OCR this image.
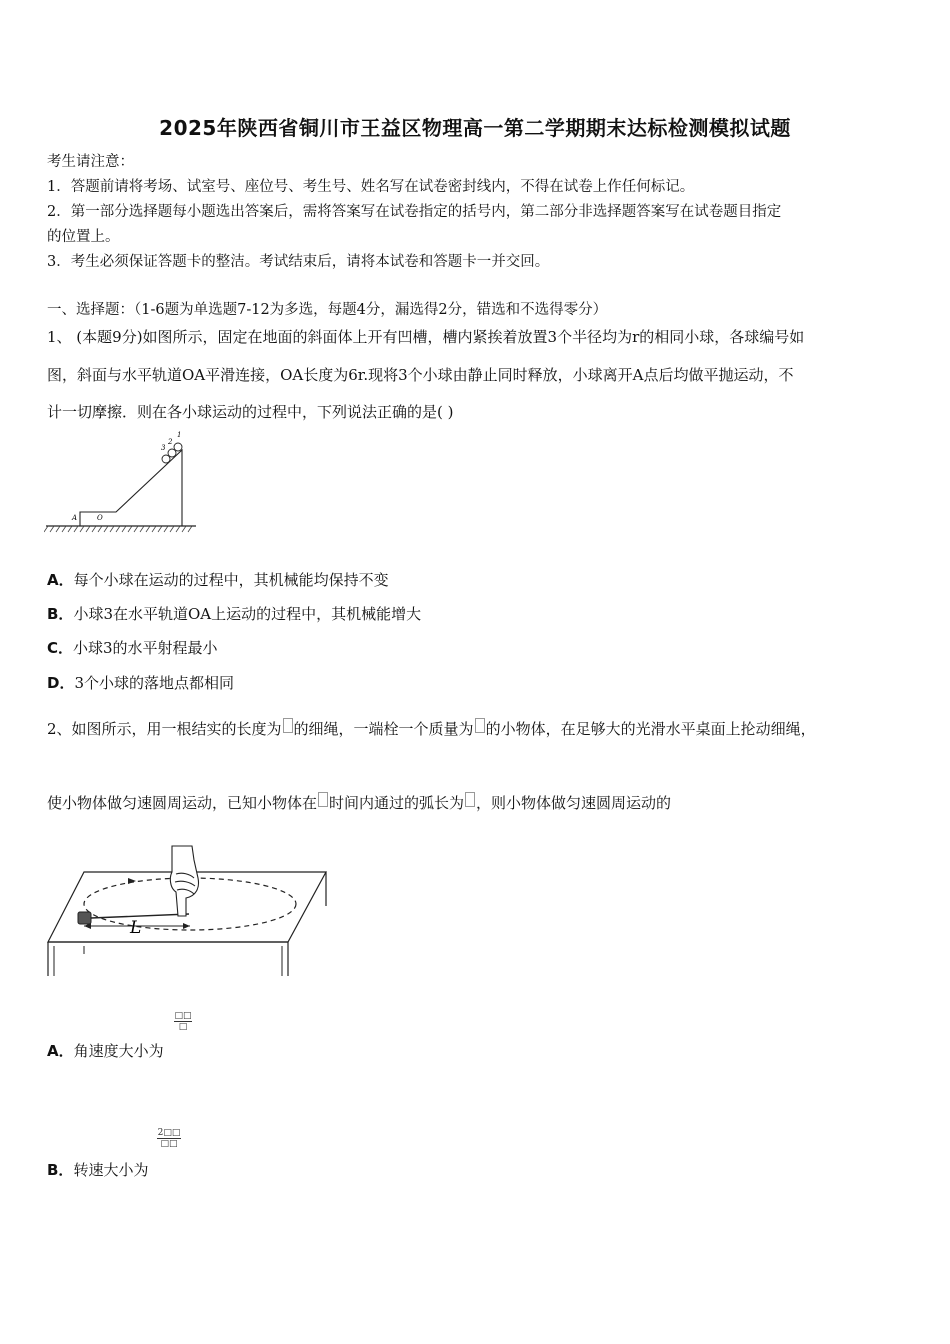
2025年陕西省铜川市王益区物理高一第二学期期末达标检测模拟试题
考生请注意：
1．答题前请将考场、试室号、座位号、考生号、姓名写在试卷密封线内，不得在试卷上作任何标记。
2．第一部分选择题每小题选出答案后，需将答案写在试卷指定的括号内，第二部分非选择题答案写在试卷题目指定
的位置上。
3．考生必须保证答题卡的整洁。考试结束后，请将本试卷和答题卡一并交回。
一、选择题：（1-6题为单选题7-12为多选，每题4分，漏选得2分，错选和不选得零分）
1、 (本题9分)如图所示，固定在地面的斜面体上开有凹槽，槽内紧挨着放置3个半径均为r的相同小球，各球编号如
图，斜面与水平轨道OA平滑连接，OA长度为6r.现将3个小球由静止同时释放，小球离开A点后均做平抛运动，不
计一切摩擦．则在各小球运动的过程中，下列说法正确的是( )
3
2
1
A	O
A．每个小球在运动的过程中，其机械能均保持不变
B．小球3在水平轨道OA上运动的过程中，其机械能增大
C．小球3的水平射程最小
D．3个小球的落地点都相同
2、如图所示，用一根结实的长度为 的细绳，一端栓一个质量为 的小物体，在足够大的光滑水平桌面上抡动细绳，
使小物体做匀速圆周运动，已知小物体在 时间内通过的弧长为 ，则小物体做匀速圆周运动的
L
□□
□
A．角速度大小为
2□□
□□
B．转速大小为
